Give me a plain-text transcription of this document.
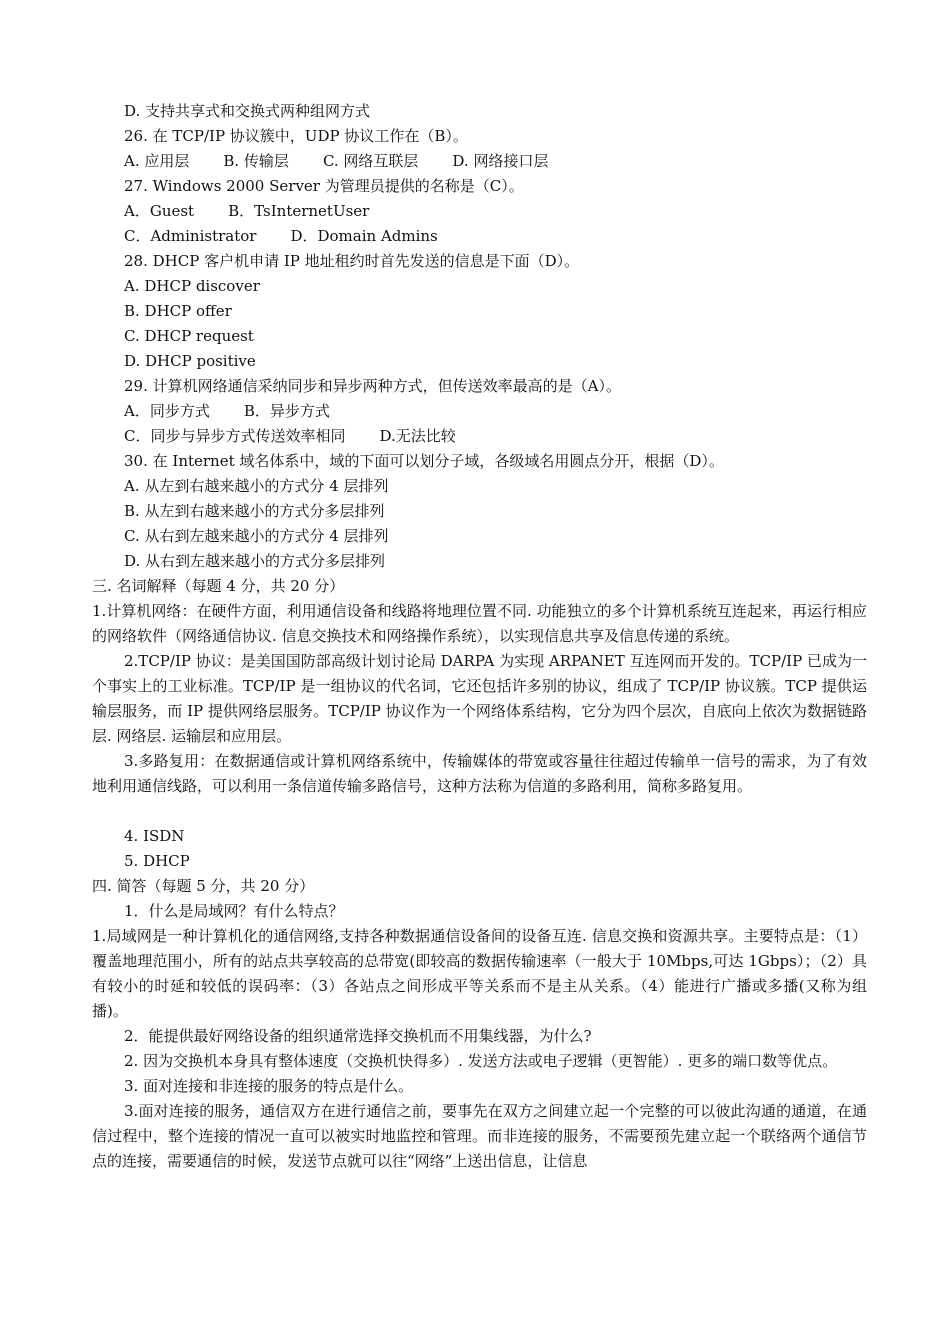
D. 支持共享式和交换式两种组网方式
26. 在 TCP/IP 协议簇中，UDP 协议工作在（B）。
A. 应用层 B. 传输层 C. 网络互联层 D. 网络接口层
27. Windows 2000 Server 为管理员提供的名称是（C）。
A．Guest B．TsInternetUser
C．Administrator D．Domain Admins
28. DHCP 客户机申请 IP 地址租约时首先发送的信息是下面（D）。
A. DHCP discover
B. DHCP offer
C. DHCP request
D. DHCP positive
29. 计算机网络通信采纳同步和异步两种方式，但传送效率最高的是（A）。
A．同步方式 B．异步方式
C．同步与异步方式传送效率相同 D.无法比较
30. 在 Internet 域名体系中，域的下面可以划分子域，各级域名用圆点分开，根据（D）。
A. 从左到右越来越小的方式分 4 层排列
B. 从左到右越来越小的方式分多层排列
C. 从右到左越来越小的方式分 4 层排列
D. 从右到左越来越小的方式分多层排列
三. 名词解释（每题 4 分，共 20 分）
1.计算机网络：在硬件方面，利用通信设备和线路将地理位置不同. 功能独立的多个计算机系统互连起来，再运行相应的网络软件（网络通信协议. 信息交换技术和网络操作系统），以实现信息共享及信息传递的系统。
2.TCP/IP 协议：是美国国防部高级计划讨论局 DARPA 为实现 ARPANET 互连网而开发的。TCP/IP 已成为一个事实上的工业标准。TCP/IP 是一组协议的代名词，它还包括许多别的协议，组成了 TCP/IP 协议簇。TCP 提供运输层服务，而 IP 提供网络层服务。TCP/IP 协议作为一个网络体系结构，它分为四个层次，自底向上依次为数据链路层. 网络层. 运输层和应用层。
3.多路复用：在数据通信或计算机网络系统中，传输媒体的带宽或容量往往超过传输单一信号的需求，为了有效地利用通信线路，可以利用一条信道传输多路信号，这种方法称为信道的多路利用，简称多路复用。
4. ISDN
5. DHCP
四. 简答（每题 5 分，共 20 分）
1．什么是局域网？有什么特点？
1.局域网是一种计算机化的通信网络,支持各种数据通信设备间的设备互连. 信息交换和资源共享。主要特点是：（1）覆盖地理范围小，所有的站点共享较高的总带宽(即较高的数据传输速率（一般大于 10Mbps,可达 1Gbps）；（2）具有较小的时延和较低的误码率：（3）各站点之间形成平等关系而不是主从关系。（4）能进行广播或多播(又称为组播)。
2．能提供最好网络设备的组织通常选择交换机而不用集线器，为什么?
2. 因为交换机本身具有整体速度（交换机快得多）. 发送方法或电子逻辑（更智能）. 更多的端口数等优点。
3. 面对连接和非连接的服务的特点是什么。
3.面对连接的服务，通信双方在进行通信之前，要事先在双方之间建立起一个完整的可以彼此沟通的通道，在通信过程中，整个连接的情况一直可以被实时地监控和管理。而非连接的服务，不需要预先建立起一个联络两个通信节点的连接，需要通信的时候，发送节点就可以往“网络”上送出信息，让信息
